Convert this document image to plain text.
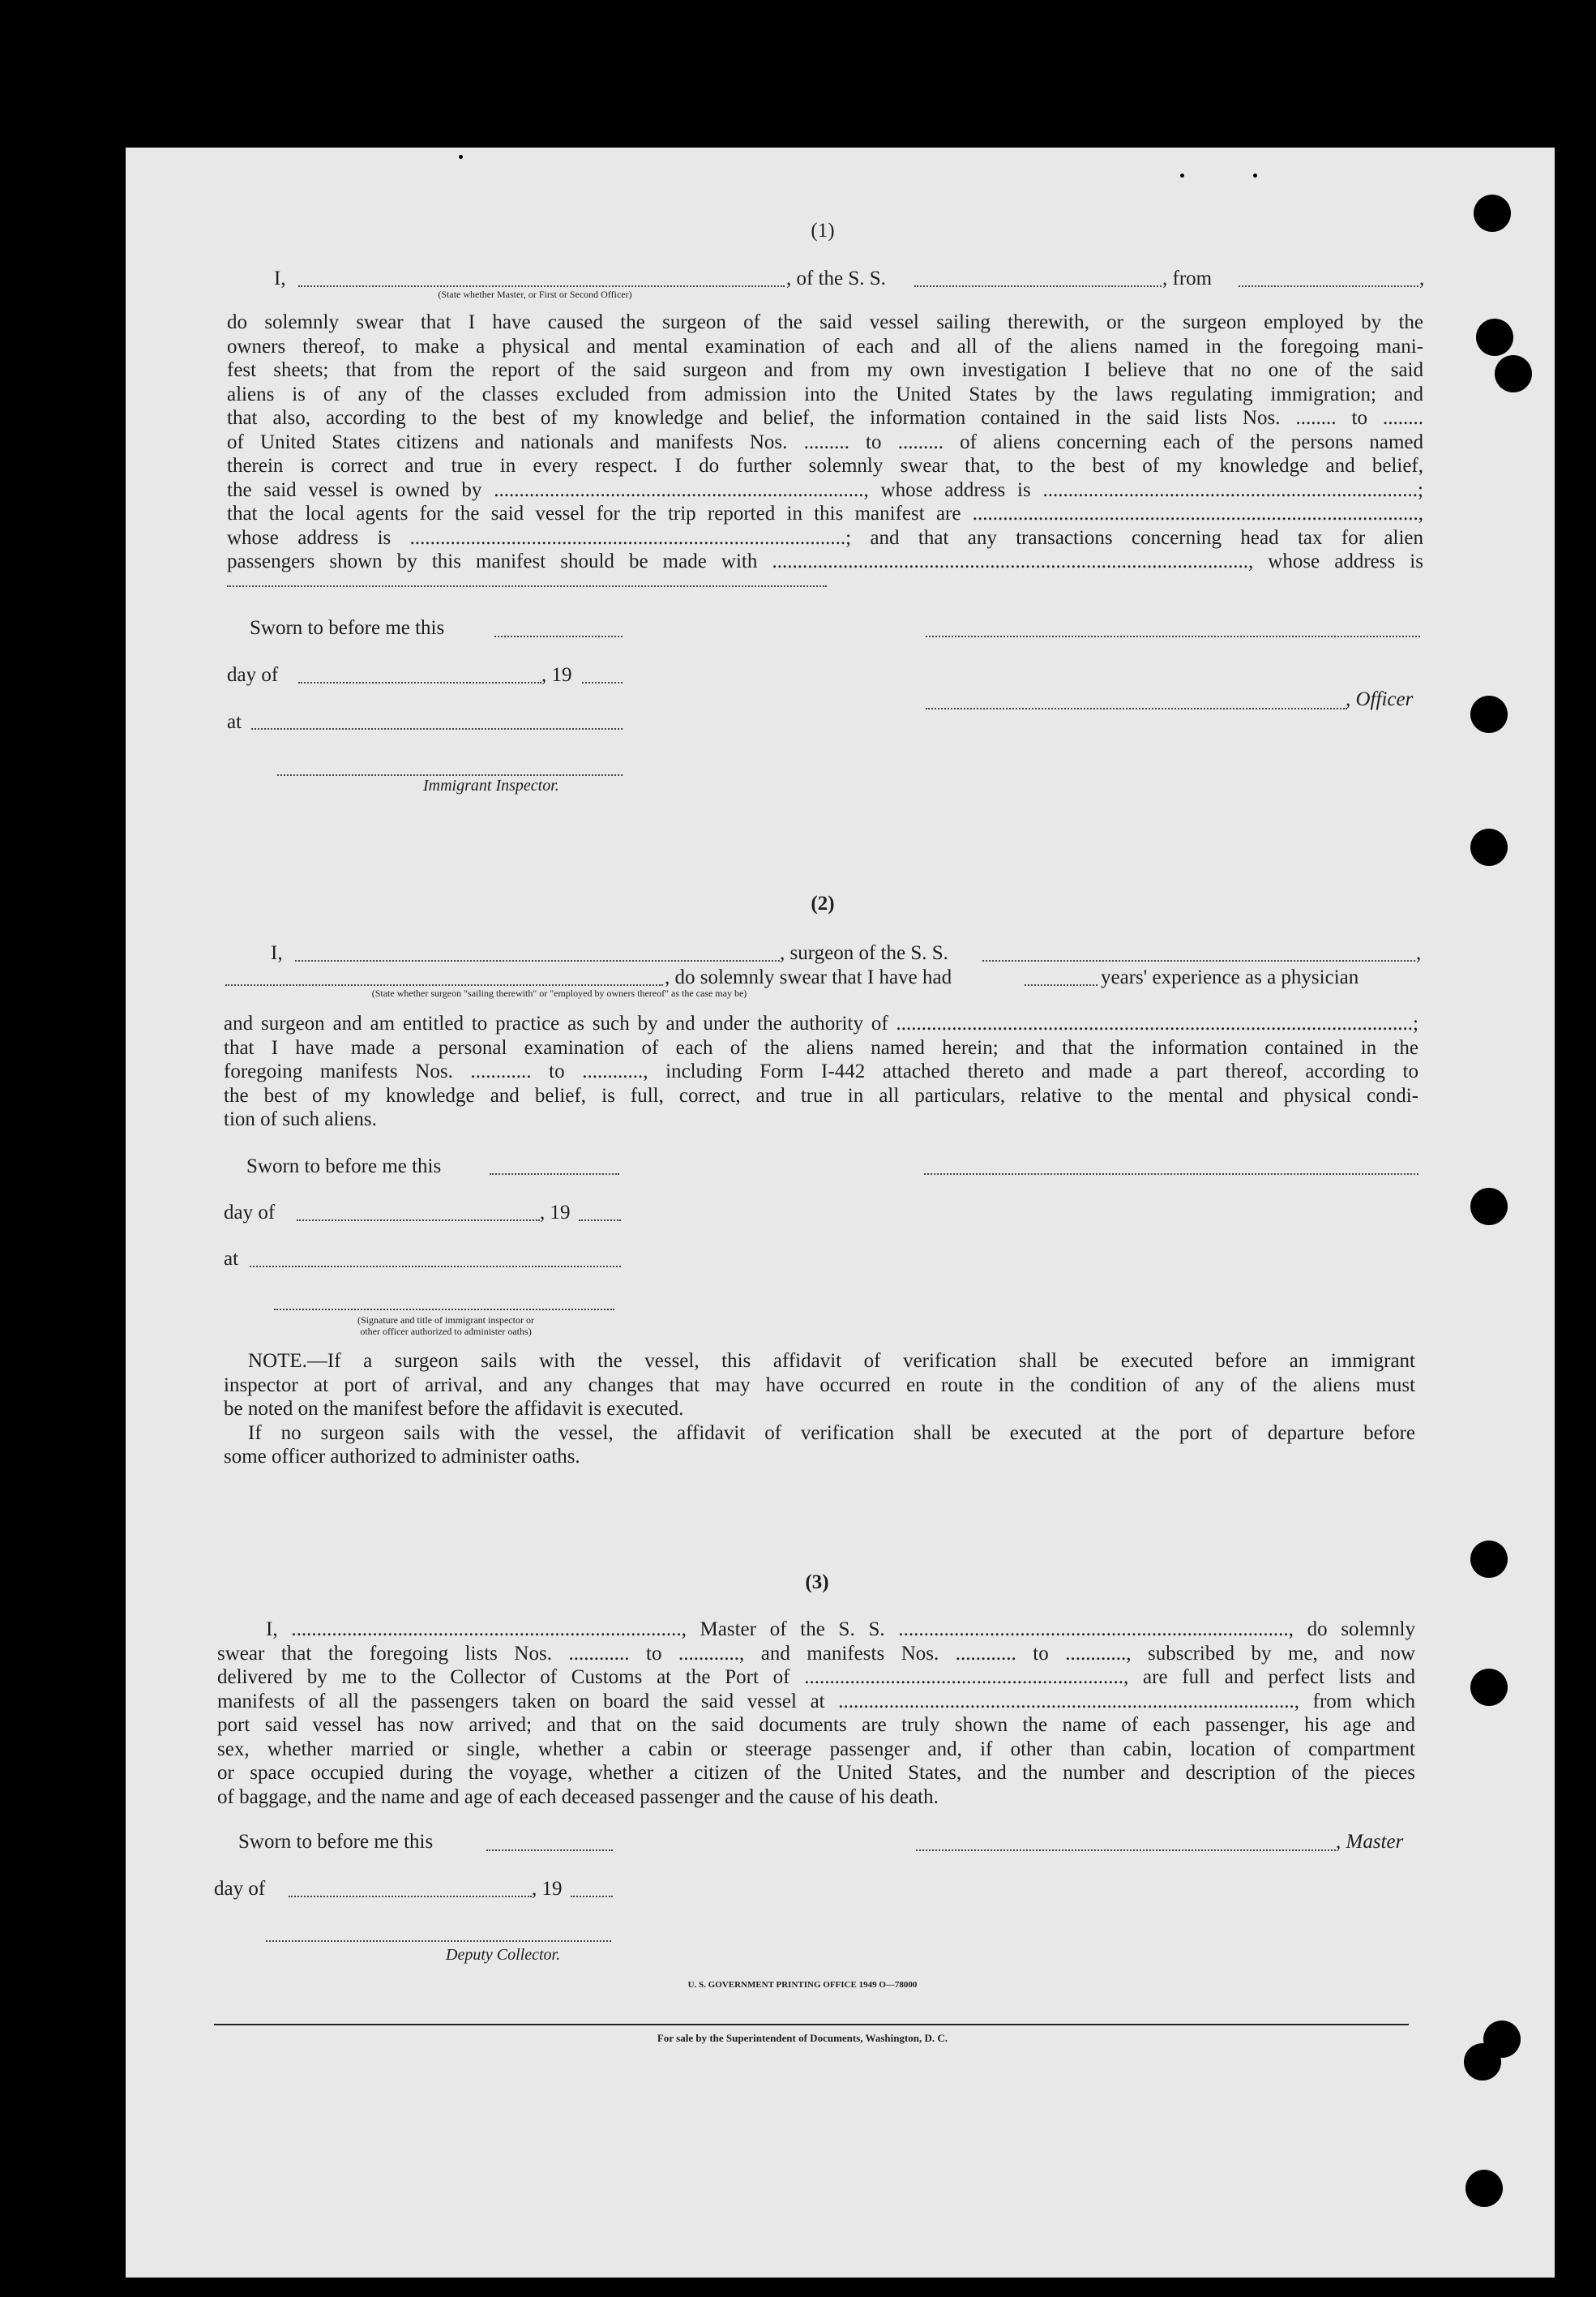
(1)
I,	, of the S. S.	, from	,
(State whether Master, or First or Second Officer)
do solemnly swear that I have caused the surgeon of the said vessel sailing therewith, or the surgeon employed by the
owners thereof, to make a physical and mental examination of each and all of the aliens named in the foregoing mani-
fest sheets; that from the report of the said surgeon and from my own investigation I believe that no one of the said
aliens is of any of the classes excluded from admission into the United States by the laws regulating immigration; and
that also, according to the best of my knowledge and belief, the information contained in the said lists Nos. ........ to ........
of United States citizens and nationals and manifests Nos. ......... to ......... of aliens concerning each of the persons named
therein is correct and true in every respect. I do further solemnly swear that, to the best of my knowledge and belief,
the said vessel is owned by ........................................................................., whose address is ..........................................................................;
that the local agents for the said vessel for the trip reported in this manifest are ........................................................................................,
whose address is ......................................................................................; and that any transactions concerning head tax for alien
passengers shown by this manifest should be made with .............................................................................................., whose address is
Sworn to before me this
day of	, 19
, Officer
at
Immigrant Inspector.
(2)
I,	, surgeon of the S. S.	,
, do solemnly swear that I have had	years' experience as a physician
(State whether surgeon "sailing therewith" or "employed by owners thereof" as the case may be)
and surgeon and am entitled to practice as such by and under the authority of ......................................................................................................;
that I have made a personal examination of each of the aliens named herein; and that the information contained in the
foregoing manifests Nos. ............ to ............, including Form I-442 attached thereto and made a part thereof, according to
the best of my knowledge and belief, is full, correct, and true in all particulars, relative to the mental and physical condi-
tion of such aliens.
Sworn to before me this
day of	, 19
at
(Signature and title of immigrant inspector or
other officer authorized to administer oaths)
NOTE.—If a surgeon sails with the vessel, this affidavit of verification shall be executed before an immigrant
inspector at port of arrival, and any changes that may have occurred en route in the condition of any of the aliens must
be noted on the manifest before the affidavit is executed.
If no surgeon sails with the vessel, the affidavit of verification shall be executed at the port of departure before
some officer authorized to administer oaths.
(3)
I, ............................................................................., Master of the S. S. ............................................................................., do solemnly
swear that the foregoing lists Nos. ............ to ............, and manifests Nos. ............ to ............, subscribed by me, and now
delivered by me to the Collector of Customs at the Port of ..............................................................., are full and perfect lists and
manifests of all the passengers taken on board the said vessel at .........................................................................................., from which
port said vessel has now arrived; and that on the said documents are truly shown the name of each passenger, his age and
sex, whether married or single, whether a cabin or steerage passenger and, if other than cabin, location of compartment
or space occupied during the voyage, whether a citizen of the United States, and the number and description of the pieces
of baggage, and the name and age of each deceased passenger and the cause of his death.
Sworn to before me this	, Master
day of	, 19
Deputy Collector.
U. S. GOVERNMENT PRINTING OFFICE 1949 O—78000
For sale by the Superintendent of Documents, Washington, D. C.
